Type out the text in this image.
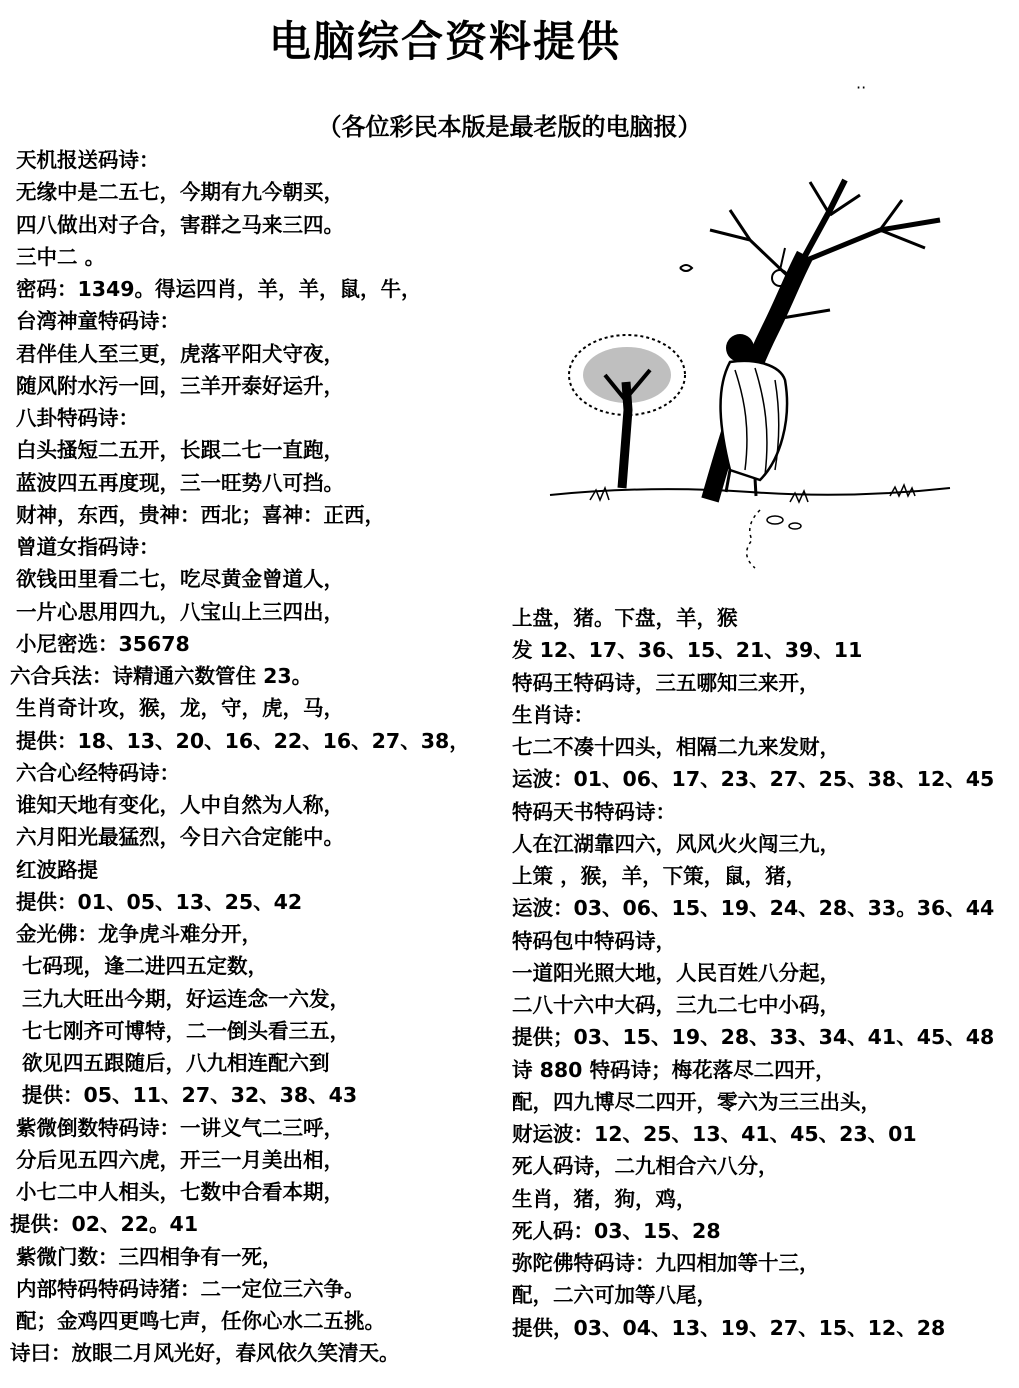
电脑综合资料提供
··
（各位彩民本版是最老版的电脑报）
天机报送码诗：
无缘中是二五七，今期有九今朝买，
四八做出对子合，害群之马来三四。
三中二 。
密码：1349。得运四肖，羊，羊，鼠，牛，
台湾神童特码诗：
君伴佳人至三更，虎落平阳犬守夜，
随风附水污一回，三羊开泰好运升，
八卦特码诗：
白头搔短二五开，长跟二七一直跑，
蓝波四五再度现，三一旺势八可挡。
财神，东西，贵神：西北；喜神：正西，
曾道女指码诗：
欲钱田里看二七，吃尽黄金曾道人，
一片心思用四九，八宝山上三四出，
小尼密选：35678
六合兵法：诗精通六数管住 23。
生肖奇计攻，猴，龙，守，虎，马，
提供：18、13、20、16、22、16、27、38，
六合心经特码诗：
谁知天地有变化，人中自然为人称，
六月阳光最猛烈，今日六合定能中。
红波路提
提供：01、05、13、25、42
金光佛：龙争虎斗难分开，
七码现，逢二进四五定数，
三九大旺出今期，好运连念一六发，
七七刚齐可博特，二一倒头看三五，
欲见四五跟随后，八九相连配六到
提供：05、11、27、32、38、43
紫微倒数特码诗：一讲义气二三呼，
分后见五四六虎，开三一月美出相，
小七二中人相头，七数中合看本期，
提供：02、22。41
紫微门数：三四相争有一死，
内部特码特码诗猪：二一定位三六争。
配；金鸡四更鸣七声，任你心水二五挑。
诗曰：放眼二月风光好，春风依久笑清天。
上盘，猪。下盘，羊，猴
发 12、17、36、15、21、39、11
特码王特码诗，三五哪知三来开，
生肖诗：
七二不凑十四头，相隔二九来发财，
运波：01、06、17、23、27、25、38、12、45
特码天书特码诗：
人在江湖靠四六，风风火火闯三九，
上策 ，猴，羊，下策，鼠，猪，
运波：03、06、15、19、24、28、33。36、44
特码包中特码诗，
一道阳光照大地，人民百姓八分起，
二八十六中大码，三九二七中小码，
提供；03、15、19、28、33、34、41、45、48
诗 880 特码诗；梅花落尽二四开，
配，四九博尽二四开，零六为三三出头，
财运波：12、25、13、41、45、23、01
死人码诗，二九相合六八分，
生肖，猪，狗，鸡，
死人码：03、15、28
弥陀佛特码诗：九四相加等十三，
配，二六可加等八尾，
提供，03、04、13、19、27、15、12、28
